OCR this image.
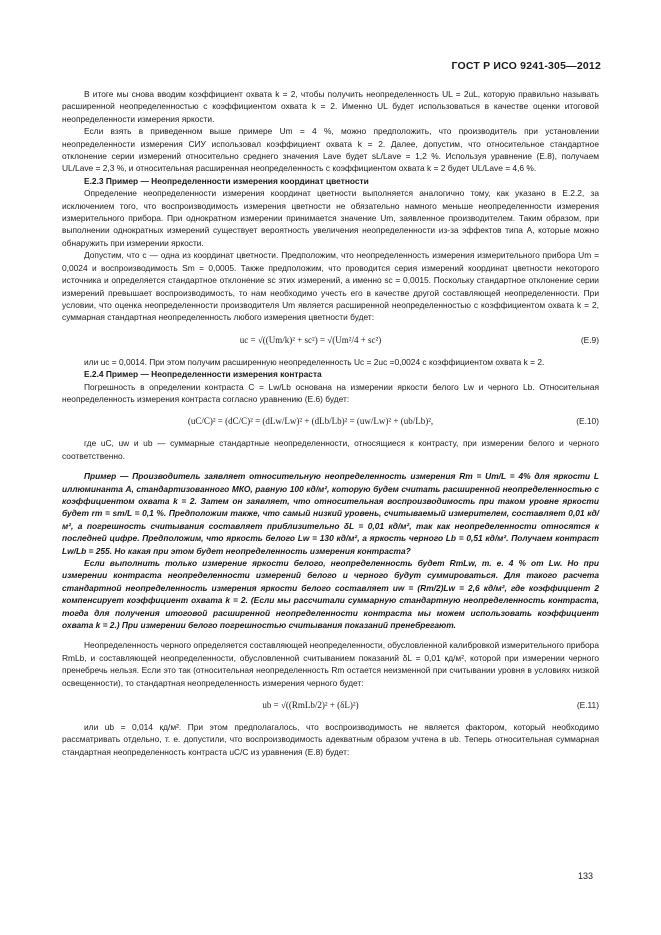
ГОСТ Р ИСО 9241-305—2012

В итоге мы снова вводим коэффициент охвата k = 2, чтобы получить неопределенность UL = 2uL, которую правильно называть расширенной неопределенностью с коэффициентом охвата k = 2. Именно UL будет использоваться в качестве оценки итоговой неопределенности измерения яркости.

Если взять в приведенном выше примере Um = 4 %, можно предположить, что производитель при установлении неопределенности измерения СИУ использовал коэффициент охвата k = 2. Далее, допустим, что относительное стандартное отклонение серии измерений относительно среднего значения Lave будет sL/Lave = 1,2 %. Используя уравнение (E.8), получаем UL/Lave = 2,3 %, и относительная расширенная неопределенность с коэффициентом охвата k = 2 будет UL/Lave = 4,6 %.

E.2.3 Пример — Неопределенности измерения координат цветности

Определение неопределенности измерения координат цветности выполняется аналогично тому, как указано в E.2.2, за исключением того, что воспроизводимость измерения цветности не обязательно намного меньше неопределенности измерения измерительного прибора. При однократном измерении принимается значение Um, заявленное производителем. Таким образом, при выполнении однократных измерений существует вероятность увеличения неопределенности из-за эффектов типа A, которые можно обнаружить при измерении яркости.

Допустим, что c — одна из координат цветности. Предположим, что неопределенность измерения измерительного прибора Um = 0,0024 и воспроизводимость Sm = 0,0005. Также предположим, что проводится серия измерений координат цветности некоторого источника и определяется стандартное отклонение sc этих измерений, а именно sc = 0,0015. Поскольку стандартное отклонение серии измерений превышает воспроизводимость, то нам необходимо учесть его в качестве другой составляющей неопределенности. При условии, что оценка неопределенности производителя Um является расширенной неопределенностью с коэффициентом охвата k = 2, суммарная стандартная неопределенность любого измерения цветности будет:

uc = √((Um/k)² + sc²) = √(Um²/4 + sc²)	(E.9)

или uc = 0,0014. При этом получим расширенную неопределенность Uc = 2uc =0,0024 с коэффициентом охвата k = 2.

E.2.4 Пример — Неопределенности измерения контраста

Погрешность в определении контраста C = Lw/Lb основана на измерении яркости белого Lw и черного Lb. Относительная неопределенность измерения контраста согласно уравнению (E.6) будет:

(uC/C)² = (dC/C)² = (dLw/Lw)² + (dLb/Lb)² = (uw/Lw)² + (ub/Lb)²,	(E.10)

где uC, uw и ub — суммарные стандартные неопределенности, относящиеся к контрасту, при измерении белого и черного соответственно.

Пример — Производитель заявляет относительную неопределенность измерения Rm = Um/L = 4% для яркости L иллюминанта A, стандартизованного МКО, равную 100 кд/м², которую будем считать расширенной неопределенностью с коэффициентом охвата k = 2. Затем он заявляет, что относительная воспроизводимость при таком уровне яркости будет rm = sm/L = 0,1 %. Предположим также, что самый низкий уровень, считываемый измерителем, составляет 0,01 кд/м², а погрешность считывания составляет приблизительно δL = 0,01 кд/м², так как неопределенности относятся к последней цифре. Предположим, что яркость белого Lw = 130 кд/м², а яркость черного Lb = 0,51 кд/м². Получаем контраст Lw/Lb = 255. Но какая при этом будет неопределенность измерения контраста?

Если выполнить только измерение яркости белого, неопределенность будет RmLw, т. е. 4 % от Lw. Но при измерении контраста неопределенности измерений белого и черного будут суммироваться. Для такого расчета стандартной неопределенность измерения яркости белого составляет uw = (Rm/2)Lw = 2,6 кд/м², где коэффициент 2 компенсирует коэффициент охвата k = 2. (Если мы рассчитали суммарную стандартную неопределенность контраста, тогда для получения итоговой расширенной неопределенности контраста мы можем использовать коэффициент охвата k = 2.) При измерении белого погрешностью считывания показаний пренебрегают.

Неопределенность черного определяется составляющей неопределенности, обусловленной калибровкой измерительного прибора RmLb, и составляющей неопределенности, обусловленной считыванием показаний δL = 0,01 кд/м², которой при измерении черного пренебречь нельзя. Если это так (относительная неопределенность Rm остается неизменной при считывании уровня в условиях низкой освещенности), то стандартная неопределенность измерения черного будет:

ub = √((RmLb/2)² + (δL)²)	(E.11)

или ub = 0,014 кд/м². При этом предполагалось, что воспроизводимость не является фактором, который необходимо рассматривать отдельно, т. е. допустили, что воспроизводимость адекватным образом учтена в ub. Теперь относительная суммарная стандартная неопределенность контраста uC/C из уравнения (E.8) будет:

133
